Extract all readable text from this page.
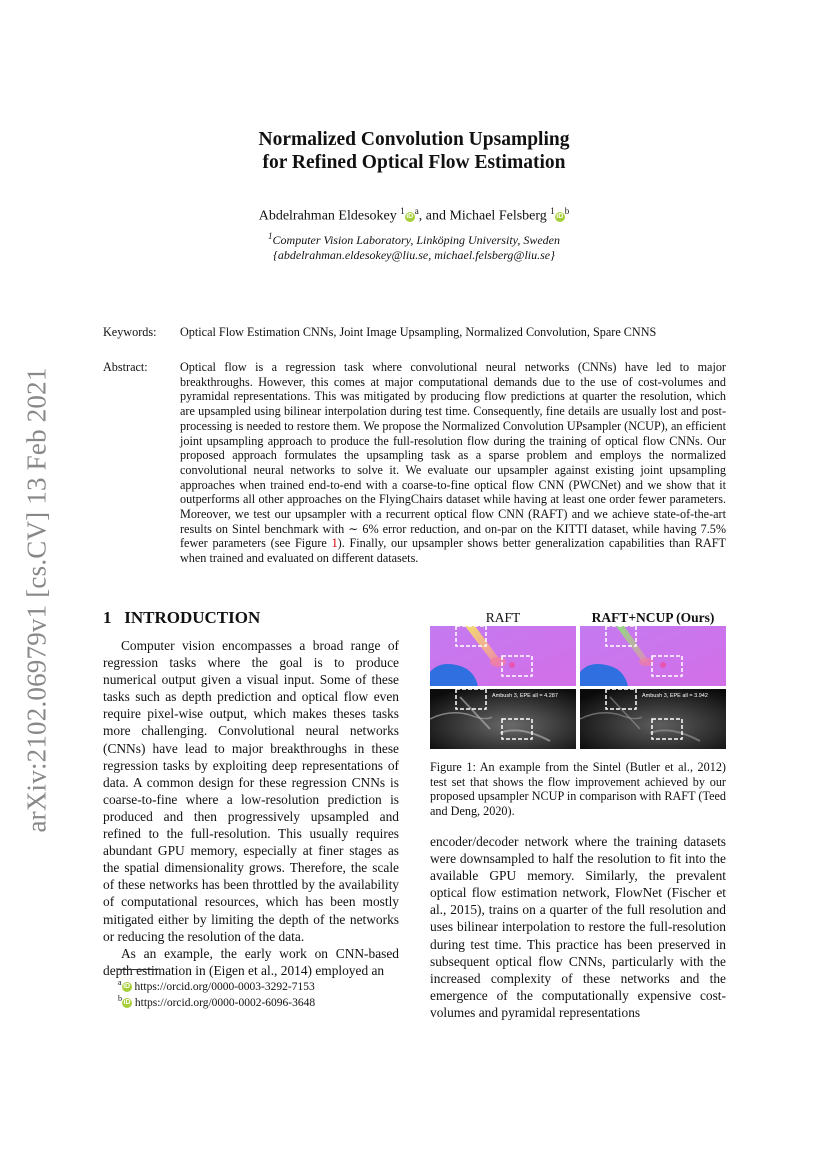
arXiv:2102.06979v1 [cs.CV] 13 Feb 2021
Normalized Convolution Upsampling
for Refined Optical Flow Estimation
Abdelrahman Eldesokey $^1iD^a$, and Michael Felsberg $^1iD^b$
$^1$Computer Vision Laboratory, Linköping University, Sweden
{abdelrahman.eldesokey@liu.se, michael.felsberg@liu.se}
Keywords: Optical Flow Estimation CNNs, Joint Image Upsampling, Normalized Convolution, Spare CNNS
Abstract:	Optical flow is a regression task where convolutional neural networks (CNNs) have led to major breakthroughs. However, this comes at major computational demands due to the use of cost-volumes and pyramidal representations. This was mitigated by producing flow predictions at quarter the resolution, which are upsampled using bilinear interpolation during test time. Consequently, fine details are usually lost and post-processing is needed to restore them. We propose the Normalized Convolution UPsampler (NCUP), an efficient joint upsampling approach to produce the full-resolution flow during the training of optical flow CNNs. Our proposed approach formulates the upsampling task as a sparse problem and employs the normalized convolutional neural networks to solve it. We evaluate our upsampler against existing joint upsampling approaches when trained end-to-end with a coarse-to-fine optical flow CNN (PWCNet) and we show that it outperforms all other approaches on the FlyingChairs dataset while having at least one order fewer parameters. Moreover, we test our upsampler with a recurrent optical flow CNN (RAFT) and we achieve state-of-the-art results on Sintel benchmark with ∼ 6% error reduction, and on-par on the KITTI dataset, while having 7.5% fewer parameters (see Figure 1). Finally, our upsampler shows better generalization capabilities than RAFT when trained and evaluated on different datasets.
1 INTRODUCTION

Computer vision encompasses a broad range of regression tasks where the goal is to produce numerical output given a visual input. Some of these tasks such as depth prediction and optical flow even require pixel-wise output, which makes theses tasks more challenging. Convolutional neural networks (CNNs) have lead to major breakthroughs in these regression tasks by exploiting deep representations of data. A common design for these regression CNNs is coarse-to-fine where a low-resolution prediction is produced and then progressively upsampled and refined to the full-resolution. This usually requires abundant GPU memory, especially at finer stages as the spatial dimensionality grows. Therefore, the scale of these networks has been throttled by the availability of computational resources, which has been mostly mitigated either by limiting the depth of the networks or reducing the resolution of the data.

As an example, the early work on CNN-based depth estimation in (Eigen et al., 2014) employed an

$^a$ iD https://orcid.org/0000-0003-3292-7153
$^b$ iD https://orcid.org/0000-0002-6096-3648
RAFT	RAFT+NCUP (Ours)
Ambush 3, EPE all = 4.287	Ambush 3, EPE all = 3.942
Figure 1: An example from the Sintel (Butler et al., 2012) test set that shows the flow improvement achieved by our proposed upsampler NCUP in comparison with RAFT (Teed and Deng, 2020).

encoder/decoder network where the training datasets were downsampled to half the resolution to fit into the available GPU memory. Similarly, the prevalent optical flow estimation network, FlowNet (Fischer et al., 2015), trains on a quarter of the full resolution and uses bilinear interpolation to restore the full-resolution during test time. This practice has been preserved in subsequent optical flow CNNs, particularly with the increased complexity of these networks and the emergence of the computationally expensive cost-volumes and pyramidal representations
